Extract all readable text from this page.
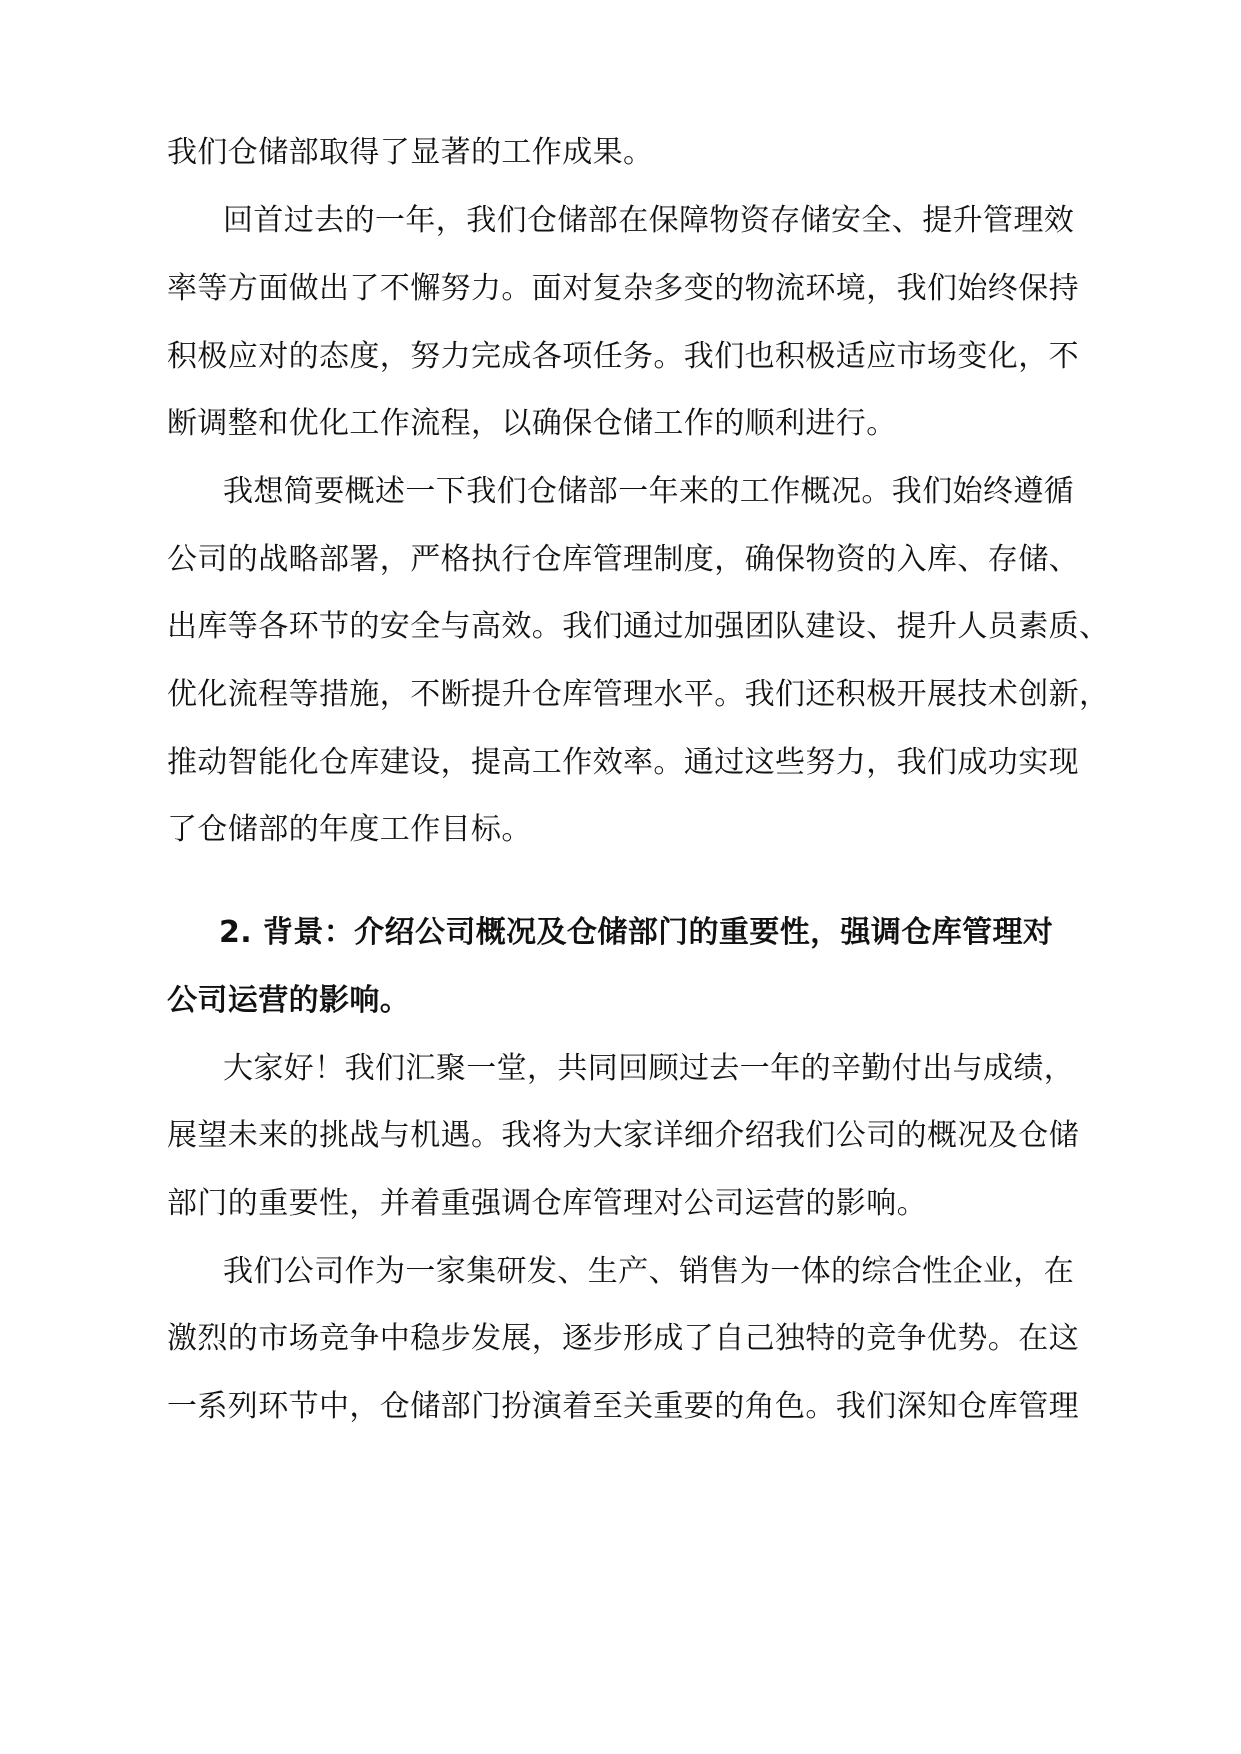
我们仓储部取得了显著的工作成果。

回首过去的一年，我们仓储部在保障物资存储安全、提升管理效

率等方面做出了不懈努力。面对复杂多变的物流环境，我们始终保持

积极应对的态度，努力完成各项任务。我们也积极适应市场变化，不

断调整和优化工作流程，以确保仓储工作的顺利进行。

我想简要概述一下我们仓储部一年来的工作概况。我们始终遵循

公司的战略部署，严格执行仓库管理制度，确保物资的入库、存储、

出库等各环节的安全与高效。我们通过加强团队建设、提升人员素质、

优化流程等措施，不断提升仓库管理水平。我们还积极开展技术创新，

推动智能化仓库建设，提高工作效率。通过这些努力，我们成功实现

了仓储部的年度工作目标。

2. 背景：介绍公司概况及仓储部门的重要性，强调仓库管理对

公司运营的影响。

大家好！我们汇聚一堂，共同回顾过去一年的辛勤付出与成绩，

展望未来的挑战与机遇。我将为大家详细介绍我们公司的概况及仓储

部门的重要性，并着重强调仓库管理对公司运营的影响。

我们公司作为一家集研发、生产、销售为一体的综合性企业，在

激烈的市场竞争中稳步发展，逐步形成了自己独特的竞争优势。在这

一系列环节中，仓储部门扮演着至关重要的角色。我们深知仓库管理
